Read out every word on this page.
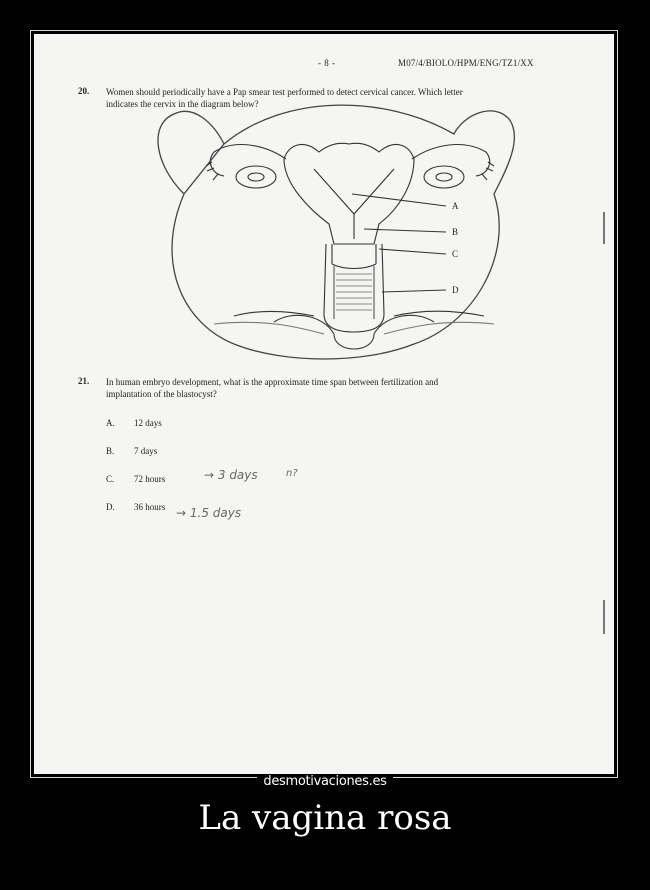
- 8 -	M07/4/BIOLO/HPM/ENG/TZ1/XX
20. Women should periodically have a Pap smear test performed to detect cervical cancer. Which letter
indicates the cervix in the diagram below?
A
B
C
D
21. In human embryo development, what is the approximate time span between fertilization and
implantation of the blastocyst?
A. 12 days
B. 7 days
C. 72 hours	→ 3 days	n?
D. 36 hours → 1.5 days
desmotivaciones.es
La vagina rosa
